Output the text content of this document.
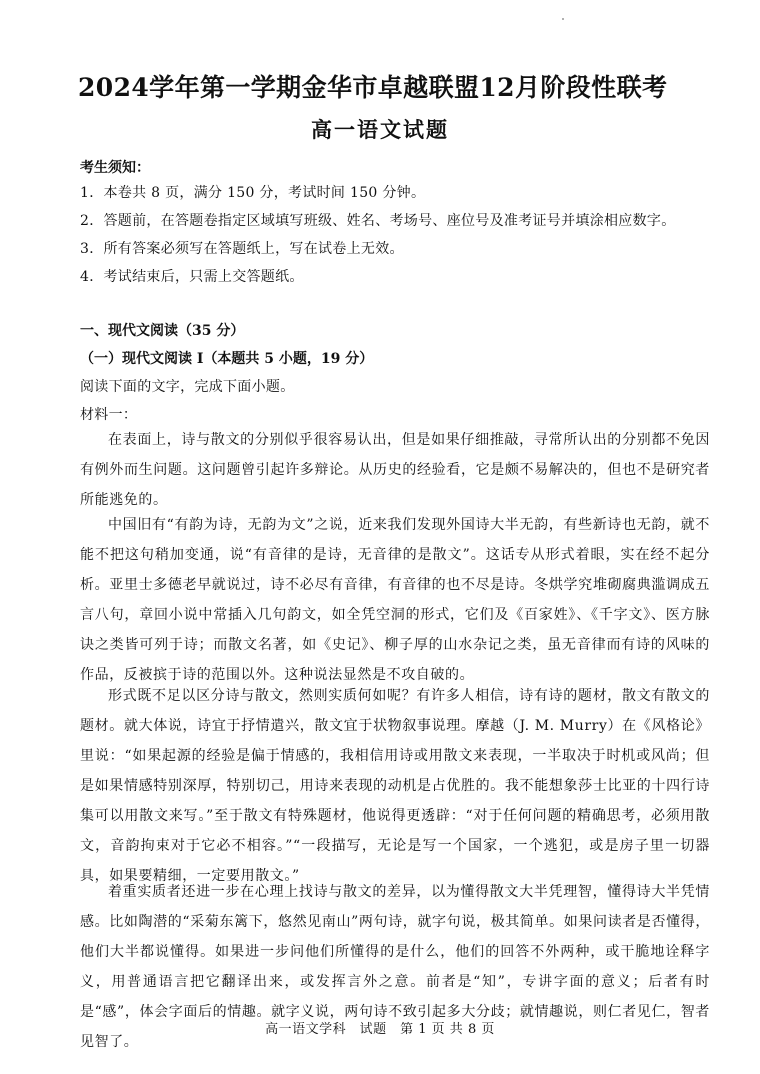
2024学年第一学期金华市卓越联盟12月阶段性联考
高一语文试题
考生须知：
1．本卷共 8 页，满分 150 分，考试时间 150 分钟。
2．答题前，在答题卷指定区域填写班级、姓名、考场号、座位号及准考证号并填涂相应数字。
3．所有答案必须写在答题纸上，写在试卷上无效。
4．考试结束后，只需上交答题纸。
一、现代文阅读（35 分）
（一）现代文阅读 I（本题共 5 小题，19 分）
阅读下面的文字，完成下面小题。
材料一：
在表面上，诗与散文的分别似乎很容易认出，但是如果仔细推敲，寻常所认出的分别都不免因有例外而生问题。这问题曾引起许多辩论。从历史的经验看，它是颇不易解决的，但也不是研究者所能逃免的。
中国旧有“有韵为诗，无韵为文”之说，近来我们发现外国诗大半无韵，有些新诗也无韵，就不能不把这句稍加变通，说“有音律的是诗，无音律的是散文”。这话专从形式着眼，实在经不起分析。亚里士多德老早就说过，诗不必尽有音律，有音律的也不尽是诗。冬烘学究堆砌腐典滥调成五言八句，章回小说中常插入几句韵文，如全凭空洞的形式，它们及《百家姓》、《千字文》、医方脉诀之类皆可列于诗；而散文名著，如《史记》、柳子厚的山水杂记之类，虽无音律而有诗的风味的作品，反被摈于诗的范围以外。这种说法显然是不攻自破的。
形式既不足以区分诗与散文，然则实质何如呢？有许多人相信，诗有诗的题材，散文有散文的题材。就大体说，诗宜于抒情遣兴，散文宜于状物叙事说理。摩越（J. M. Murry）在《风格论》里说：“如果起源的经验是偏于情感的，我相信用诗或用散文来表现，一半取决于时机或风尚；但是如果情感特别深厚，特别切己，用诗来表现的动机是占优胜的。我不能想象莎士比亚的十四行诗集可以用散文来写。”至于散文有特殊题材，他说得更透辟：“对于任何问题的精确思考，必须用散文，音韵拘束对于它必不相容。”“一段描写，无论是写一个国家，一个逃犯，或是房子里一切器具，如果要精细，一定要用散文。”
着重实质者还进一步在心理上找诗与散文的差异，以为懂得散文大半凭理智，懂得诗大半凭情感。比如陶潜的“采菊东篱下，悠然见南山”两句诗，就字句说，极其简单。如果问读者是否懂得，他们大半都说懂得。如果进一步问他们所懂得的是什么，他们的回答不外两种，或干脆地诠释字义，用普通语言把它翻译出来，或发挥言外之意。前者是“知”，专讲字面的意义；后者有时是“感”，体会字面后的情趣。就字义说，两句诗不致引起多大分歧；就情趣说，则仁者见仁，智者见智了。
高一语文学科　试题　第 1 页 共 8 页
